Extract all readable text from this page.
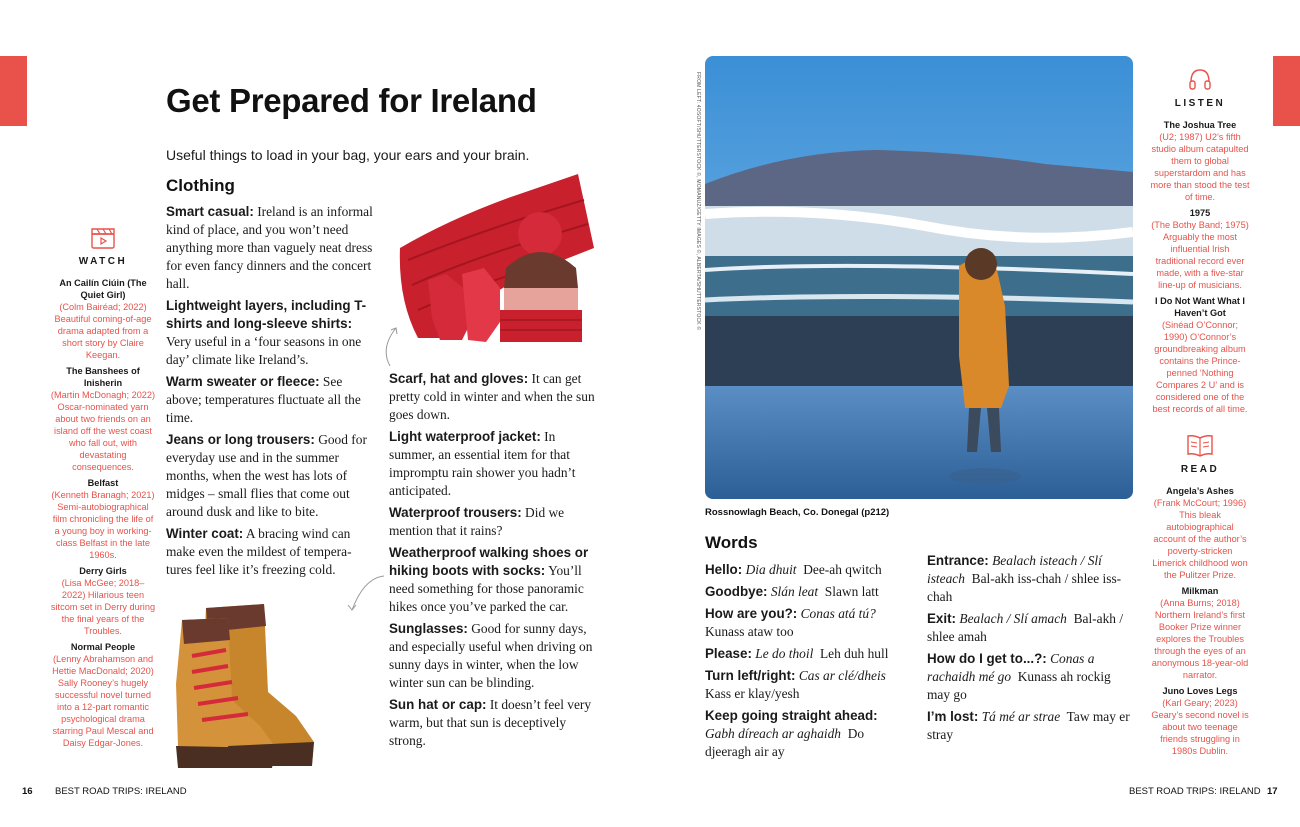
WATCH
An Cailín Ciúin (The Quiet Girl)
(Colm Bairéad; 2022) Beautiful coming-of-age drama adapted from a short story by Claire Keegan.
The Banshees of Inisherin
(Martin McDonagh; 2022) Oscar-nominated yarn about two friends on an island off the west coast who fall out, with devastating consequences.
Belfast
(Kenneth Branagh; 2021) Semi-autobiographical film chronicling the life of a young boy in working-class Belfast in the late 1960s.
Derry Girls
(Lisa McGee; 2018–2022) Hilarious teen sitcom set in Derry during the final years of the Troubles.
Normal People
(Lenny Abrahamson and Hettie MacDonald; 2020) Sally Rooney’s hugely successful novel turned into a 12-part romantic psychological drama starring Paul Mescal and Daisy Edgar-Jones.
Get Prepared for Ireland

Useful things to load in your bag, your ears and your brain.

Clothing

Smart casual: Ireland is an informal kind of place, and you won’t need anything more than vaguely neat dress for even fancy dinners and the concert hall.

Lightweight layers, including T-shirts and long-sleeve shirts: Very useful in a ‘four seasons in one day’ climate like Ireland’s.

Warm sweater or fleece: See above; temperatures fluctuate all the time.

Jeans or long trousers: Good for everyday use and in the summer months, when the west has lots of midges – small flies that come out around dusk and like to bite.

Winter coat: A bracing wind can make even the mildest of tempera-tures feel like it’s freezing cold.

Scarf, hat and gloves: It can get pretty cold in winter and when the sun goes down.

Light waterproof jacket: In summer, an essential item for that impromptu rain shower you hadn’t anticipated.

Waterproof trousers: Did we mention that it rains?

Weatherproof walking shoes or hiking boots with socks: You’ll need something for those panoramic hikes once you’ve parked the car.

Sunglasses: Good for sunny days, and especially useful when driving on sunny days in winter, when the low winter sun can be blinding.

Sun hat or cap: It doesn’t feel very warm, but that sun is deceptively strong.

FROM LEFT: 4OSOFT/SHUTTERSTOCK ©, MOMANUZ/GETTY IMAGES ©, ALBERTA/SHUTTERSTOCK ©
Rossnowlagh Beach, Co. Donegal (p212)
Words

Hello: Dia dhuit Dee-ah qwitch

Goodbye: Slán leat Slawn latt

How are you?: Conas atá tú?  Kunass ataw too

Please: Le do thoil Leh duh hull

Turn left/right: Cas ar clé/dheis  Kass er klay/yesh

Keep going straight ahead: Gabh díreach ar aghaidh Do djeeragh air ay

Entrance: Bealach isteach / Slí isteach Bal-akh iss-chah / shlee iss-chah

Exit: Bealach / Slí amach Bal-akh / shlee amah

How do I get to...?: Conas a rachaidh mé go Kunass ah rockig may go

I’m lost: Tá mé ar strae Taw may er stray

LISTEN
The Joshua Tree
(U2; 1987) U2’s fifth studio album catapulted them to global superstardom and has more than stood the test of time.
1975
(The Bothy Band; 1975) Arguably the most influential Irish traditional record ever made, with a five-star line-up of musicians.
I Do Not Want What I Haven’t Got
(Sinéad O’Connor; 1990) O’Connor’s groundbreaking album contains the Prince-penned ‘Nothing Compares 2 U’ and is considered one of the best records of all time.
READ
Angela’s Ashes
(Frank McCourt; 1996) This bleak autobiographical account of the author’s poverty-stricken Limerick childhood won the Pulitzer Prize.
Milkman
(Anna Burns; 2018) Northern Ireland’s first Booker Prize winner explores the Troubles through the eyes of an anonymous 18-year-old narrator.
Juno Loves Legs
(Karl Geary; 2023) Geary’s second novel is about two teenage friends struggling in 1980s Dublin.
16 BEST ROAD TRIPS: IRELAND	BEST ROAD TRIPS: IRELAND 17
